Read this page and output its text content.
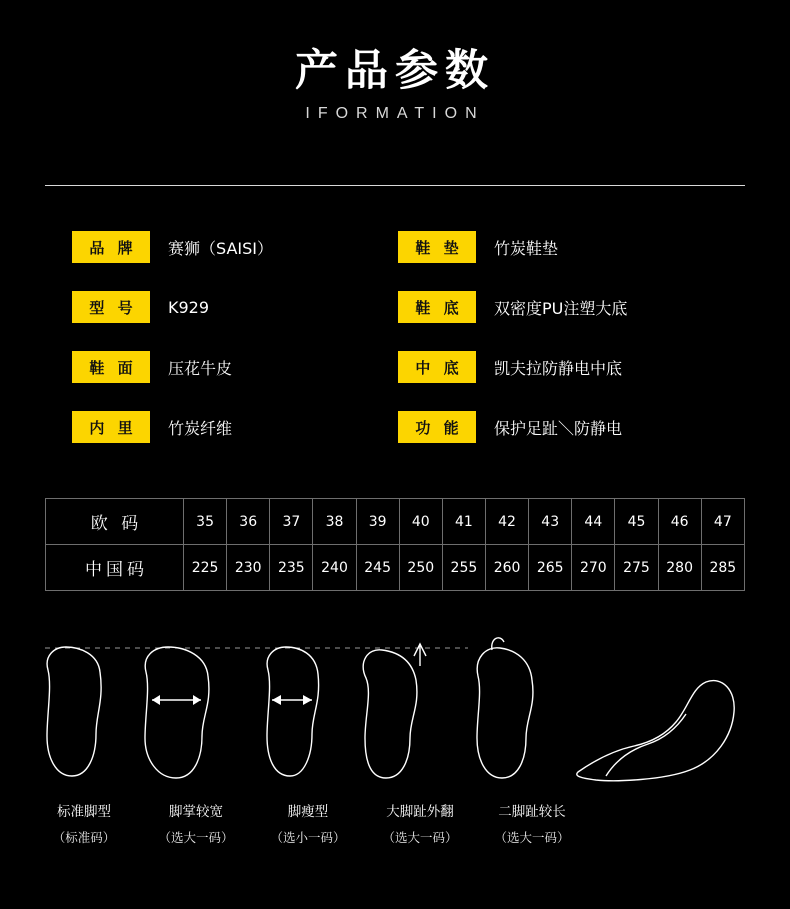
产品参数
IFORMATION
品 牌	赛狮（SAISI）	鞋 垫	竹炭鞋垫
型 号	K929	鞋 底	双密度PU注塑大底
鞋 面	压花牛皮	中 底	凯夫拉防静电中底
内 里	竹炭纤维	功 能	保护足趾＼防静电
欧 码	35	36	37	38	39	40	41	42	43	44	45	46	47
中国码	225	230	235	240	245	250	255	260	265	270	275	280	285
标准脚型
（标准码）
脚掌较宽
（选大一码）
脚瘦型
（选小一码）
大脚趾外翻
（选大一码）
二脚趾较长
（选大一码）
